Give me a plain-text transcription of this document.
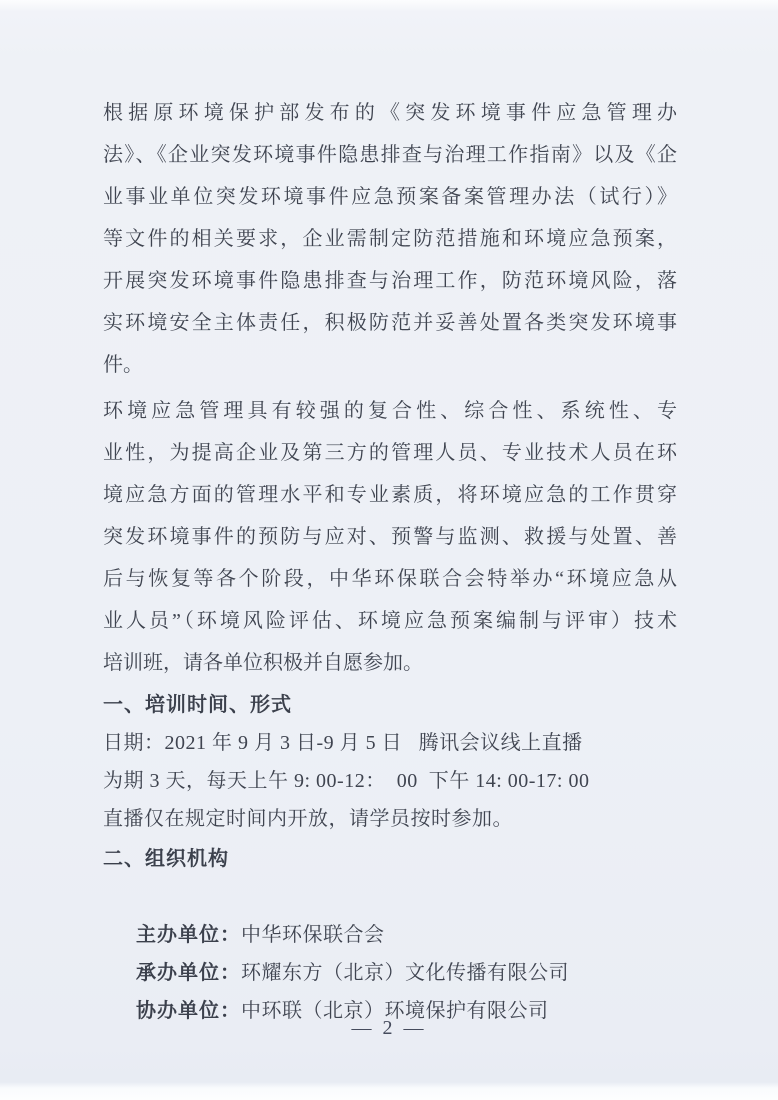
根据原环境保护部发布的《突发环境事件应急管理办

法》、《企业突发环境事件隐患排查与治理工作指南》以及《企

业事业单位突发环境事件应急预案备案管理办法（试行）》

等文件的相关要求，企业需制定防范措施和环境应急预案，

开展突发环境事件隐患排查与治理工作，防范环境风险，落

实环境安全主体责任，积极防范并妥善处置各类突发环境事

件。

环境应急管理具有较强的复合性、综合性、系统性、专

业性，为提高企业及第三方的管理人员、专业技术人员在环

境应急方面的管理水平和专业素质，将环境应急的工作贯穿

突发环境事件的预防与应对、预警与监测、救援与处置、善

后与恢复等各个阶段，中华环保联合会特举办“环境应急从

业人员”（环境风险评估、环境应急预案编制与评审）技术

培训班，请各单位积极并自愿参加。

一、培训时间、形式

日期：2021 年 9 月 3 日-9 月 5 日   腾讯会议线上直播

为期 3 天，每天上午 9: 00-12：  00  下午 14: 00-17: 00

直播仅在规定时间内开放，请学员按时参加。

二、组织机构

主办单位：中华环保联合会

承办单位：环耀东方（北京）文化传播有限公司

协办单位：中环联（北京）环境保护有限公司

— 2 —
